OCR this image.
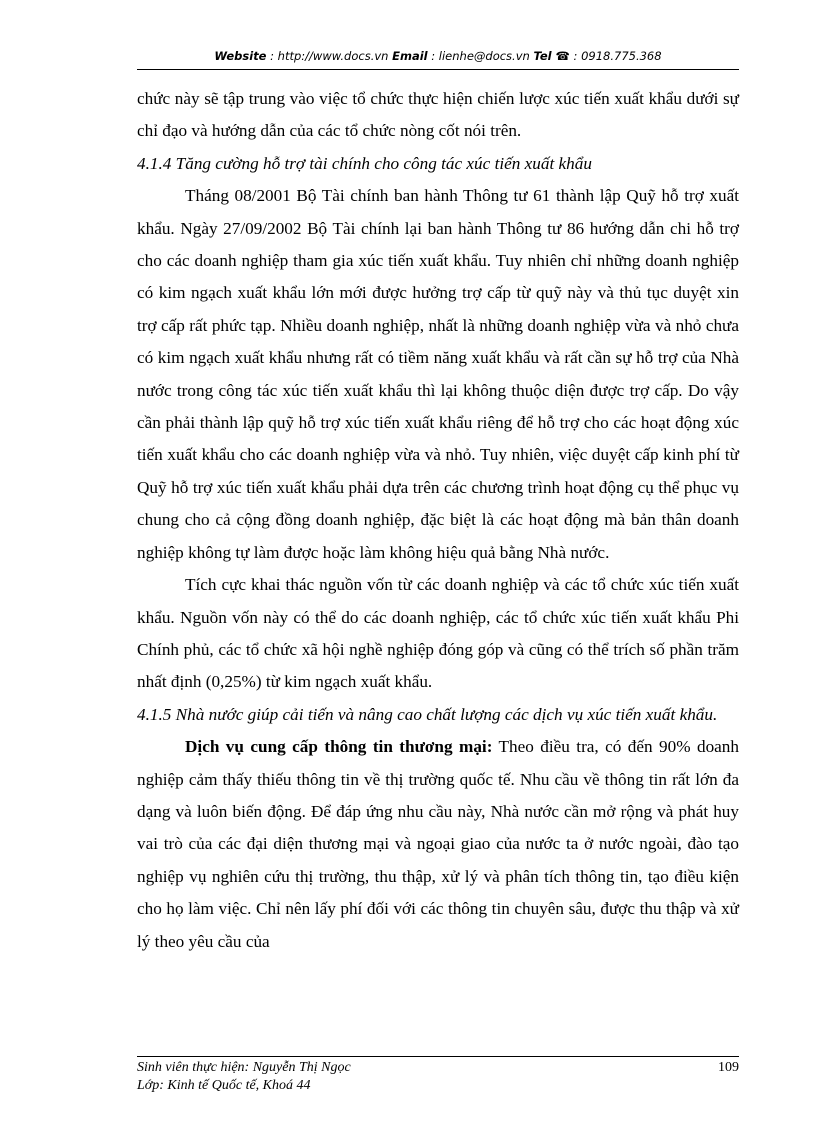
Website : http://www.docs.vn Email : lienhe@docs.vn Tel ☎ : 0918.775.368

chức này sẽ tập trung vào việc tổ chức thực hiện chiến lược xúc tiến xuất khẩu dưới sự chỉ đạo và hướng dẫn của các tổ chức nòng cốt nói trên.

4.1.4 Tăng cường hỗ trợ tài chính cho công tác xúc tiến xuất khẩu

Tháng 08/2001 Bộ Tài chính ban hành Thông tư 61 thành lập Quỹ hỗ trợ xuất khẩu. Ngày 27/09/2002 Bộ Tài chính lại ban hành Thông tư 86 hướng dẫn chi hỗ trợ cho các doanh nghiệp tham gia xúc tiến xuất khẩu. Tuy nhiên chỉ những doanh nghiệp có kim ngạch xuất khẩu lớn mới được hưởng trợ cấp từ quỹ này và thủ tục duyệt xin trợ cấp rất phức tạp. Nhiều doanh nghiệp, nhất là những doanh nghiệp vừa và nhỏ chưa có kim ngạch xuất khẩu nhưng rất có tiềm năng xuất khẩu và rất cần sự hỗ trợ của Nhà nước trong công tác xúc tiến xuất khẩu thì lại không thuộc diện được trợ cấp. Do vậy cần phải thành lập quỹ hỗ trợ xúc tiến xuất khẩu riêng để hỗ trợ cho các hoạt động xúc tiến xuất khẩu cho các doanh nghiệp vừa và nhỏ. Tuy nhiên, việc duyệt cấp kinh phí từ Quỹ hỗ trợ xúc tiến xuất khẩu phải dựa trên các chương trình hoạt động cụ thể phục vụ chung cho cả cộng đồng doanh nghiệp, đặc biệt là các hoạt động mà bản thân doanh nghiệp không tự làm được hoặc làm không hiệu quả bằng Nhà nước.

Tích cực khai thác nguồn vốn từ các doanh nghiệp và các tổ chức xúc tiến xuất khẩu. Nguồn vốn này có thể do các doanh nghiệp, các tổ chức xúc tiến xuất khẩu Phi Chính phủ, các tổ chức xã hội nghề nghiệp đóng góp và cũng có thể trích số phần trăm nhất định (0,25%) từ kim ngạch xuất khẩu.

4.1.5 Nhà nước giúp cải tiến và nâng cao chất lượng các dịch vụ xúc tiến xuất khẩu.

Dịch vụ cung cấp thông tin thương mại: Theo điều tra, có đến 90% doanh nghiệp cảm thấy thiếu thông tin về thị trường quốc tế. Nhu cầu về thông tin rất lớn đa dạng và luôn biến động. Để đáp ứng nhu cầu này, Nhà nước cần mở rộng và phát huy vai trò của các đại diện thương mại và ngoại giao của nước ta ở nước ngoài, đào tạo nghiệp vụ nghiên cứu thị trường, thu thập, xử lý và phân tích thông tin, tạo điều kiện cho họ làm việc. Chỉ nên lấy phí đối với các thông tin chuyên sâu, được thu thập và xử lý theo yêu cầu của

Sinh viên thực hiện: Nguyễn Thị Ngọc	109
Lớp: Kinh tế Quốc tế, Khoá 44
